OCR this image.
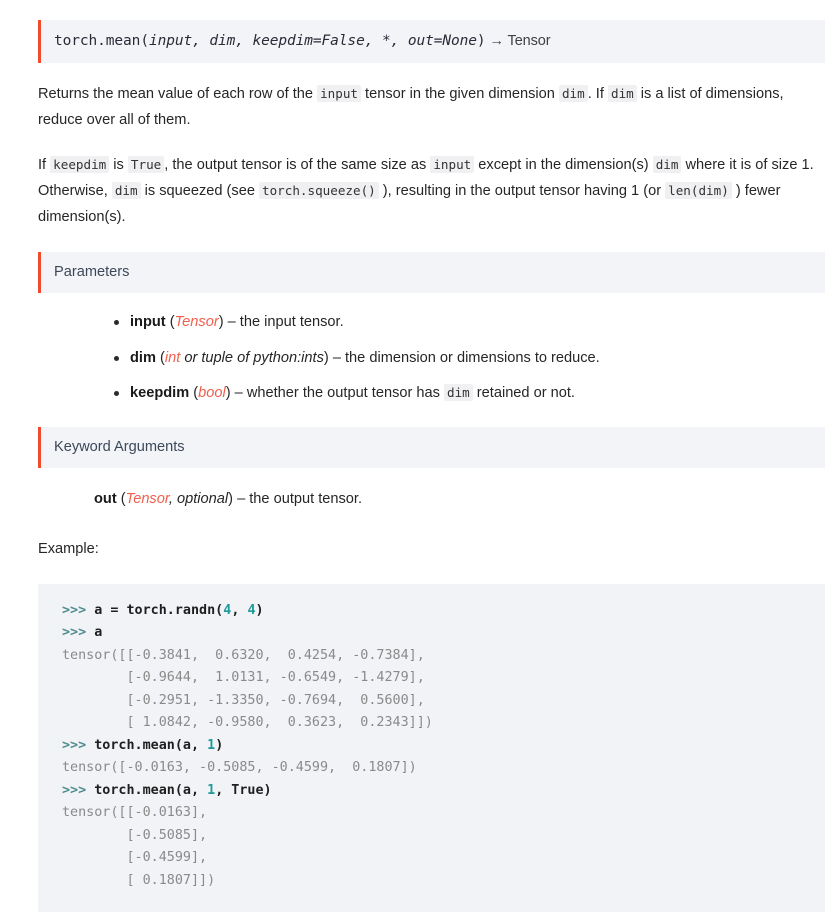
torch.mean(input, dim, keepdim=False, *, out=None) → Tensor

Returns the mean value of each row of the input tensor in the given dimension dim . If dim is a list of dimensions, reduce over all of them.

If keepdim is True , the output tensor is of the same size as input except in the dimension(s) dim where it is of size 1. Otherwise, dim is squeezed (see torch.squeeze() ), resulting in the output tensor having 1 (or len(dim) ) fewer dimension(s).

Parameters
input (Tensor) – the input tensor.
dim (int or tuple of python:ints) – the dimension or dimensions to reduce.
keepdim (bool) – whether the output tensor has dim retained or not.
Keyword Arguments
out (Tensor, optional) – the output tensor.
Example:
>>> a = torch.randn(4, 4)
>>> a
tensor([[-0.3841,  0.6320,  0.4254, -0.7384],
[-0.9644,  1.0131, -0.6549, -1.4279],
[-0.2951, -1.3350, -0.7694,  0.5600],
[ 1.0842, -0.9580,  0.3623,  0.2343]])
>>> torch.mean(a, 1)
tensor([-0.0163, -0.5085, -0.4599,  0.1807])
>>> torch.mean(a, 1, True)
tensor([[-0.0163],
[-0.5085],
[-0.4599],
[ 0.1807]])
